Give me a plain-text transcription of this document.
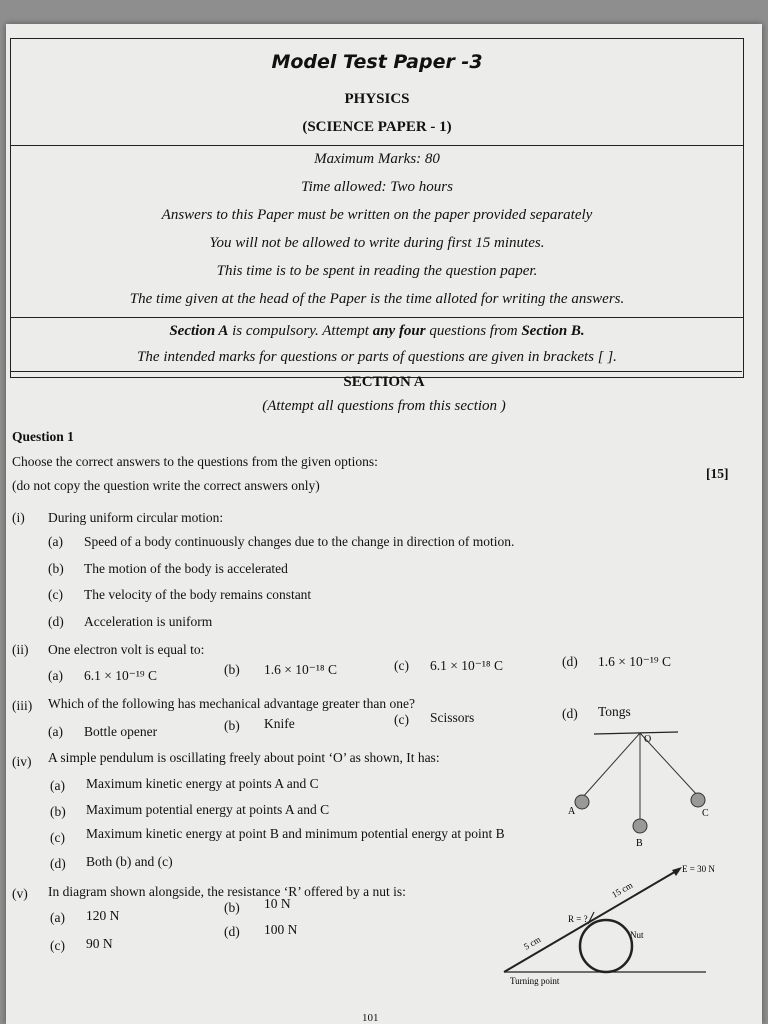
Model Test Paper -3
PHYSICS
(SCIENCE PAPER - 1)
Maximum Marks: 80
Time allowed: Two hours
Answers to this Paper must be written on the paper provided separately
You will not be allowed to write during first 15 minutes.
This time is to be spent in reading the question paper.
The time given at the head of the Paper is the time alloted for writing the answers.
Section A is compulsory. Attempt any four questions from Section B.
The intended marks for questions or parts of questions are given in brackets [ ].
SECTION A
(Attempt all questions from this section )
Question 1
Choose the correct answers to the questions from the given options:
(do not copy the question write the correct answers only)
[15]
(i) During uniform circular motion:
(a) Speed of a body continuously changes due to the change in direction of motion.
(b) The motion of the body is accelerated
(c) The velocity of the body remains constant
(d) Acceleration is uniform
(ii) One electron volt is equal to:
(a) 6.1 × 10⁻¹⁹ C	(b) 1.6 × 10⁻¹⁸ C	(c) 6.1 × 10⁻¹⁸ C	(d) 1.6 × 10⁻¹⁹ C
(iii) Which of the following has mechanical advantage greater than one?
(a) Bottle opener	(b) Knife	(c) Scissors	(d) Tongs
(iv) A simple pendulum is oscillating freely about point ‘O’ as shown, It has:
(a) Maximum kinetic energy at points A and C
(b) Maximum potential energy at points A and C
(c) Maximum kinetic energy at point B and minimum potential energy at point B
(d) Both (b) and (c)
O
A
B
C
(v) In diagram shown alongside, the resistance ‘R’ offered by a nut is:
(a) 120 N
(b) 10 N
(c) 90 N
(d) 100 N
E = 30 N
15 cm
5 cm
R = ?
Nut
Turning point
101
